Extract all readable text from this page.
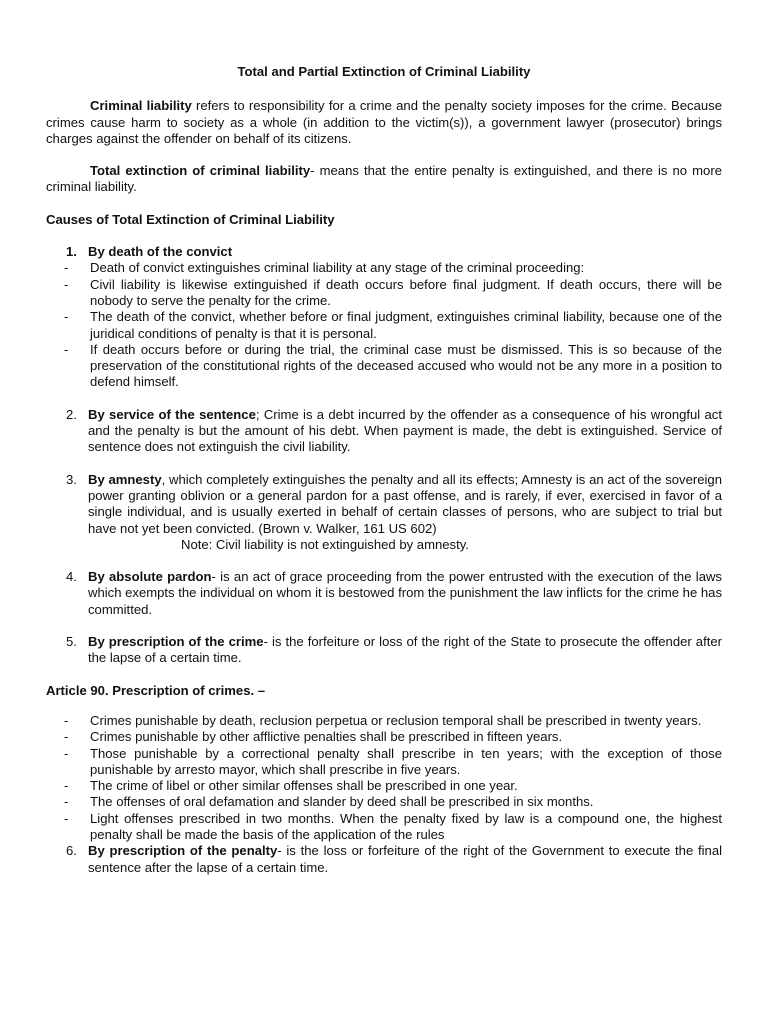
Total and Partial Extinction of Criminal Liability

Criminal liability refers to responsibility for a crime and the penalty society imposes for the crime. Because crimes cause harm to society as a whole (in addition to the victim(s)), a government lawyer (prosecutor) brings charges against the offender on behalf of its citizens.

Total extinction of criminal liability- means that the entire penalty is extinguished, and there is no more criminal liability.

Causes of Total Extinction of Criminal Liability

1. By death of the convict
-	Death of convict extinguishes criminal liability at any stage of the criminal proceeding:
-	Civil liability is likewise extinguished if death occurs before final judgment. If death occurs, there will be nobody to serve the penalty for the crime.
-	The death of the convict, whether before or final judgment, extinguishes criminal liability, because one of the juridical conditions of penalty is that it is personal.
-	If death occurs before or during the trial, the criminal case must be dismissed. This is so because of the preservation of the constitutional rights of the deceased accused who would not be any more in a position to defend himself.
2. By service of the sentence; Crime is a debt incurred by the offender as a consequence of his wrongful act and the penalty is but the amount of his debt. When payment is made, the debt is extinguished. Service of sentence does not extinguish the civil liability.
3. By amnesty, which completely extinguishes the penalty and all its effects; Amnesty is an act of the sovereign power granting oblivion or a general pardon for a past offense, and is rarely, if ever, exercised in favor of a single individual, and is usually exerted in behalf of certain classes of persons, who are subject to trial but have not yet been convicted. (Brown v. Walker, 161 US 602)

Note: Civil liability is not extinguished by amnesty.

4. By absolute pardon- is an act of grace proceeding from the power entrusted with the execution of the laws which exempts the individual on whom it is bestowed from the punishment the law inflicts for the crime he has committed.
5. By prescription of the crime- is the forfeiture or loss of the right of the State to prosecute the offender after the lapse of a certain time.

Article 90. Prescription of crimes. –

-	Crimes punishable by death, reclusion perpetua or reclusion temporal shall be prescribed in twenty years.
-	Crimes punishable by other afflictive penalties shall be prescribed in fifteen years.
-	Those punishable by a correctional penalty shall prescribe in ten years; with the exception of those punishable by arresto mayor, which shall prescribe in five years.
-	The crime of libel or other similar offenses shall be prescribed in one year.
-	The offenses of oral defamation and slander by deed shall be prescribed in six months.
-	Light offenses prescribed in two months. When the penalty fixed by law is a compound one, the highest penalty shall be made the basis of the application of the rules
6. By prescription of the penalty- is the loss or forfeiture of the right of the Government to execute the final sentence after the lapse of a certain time.
